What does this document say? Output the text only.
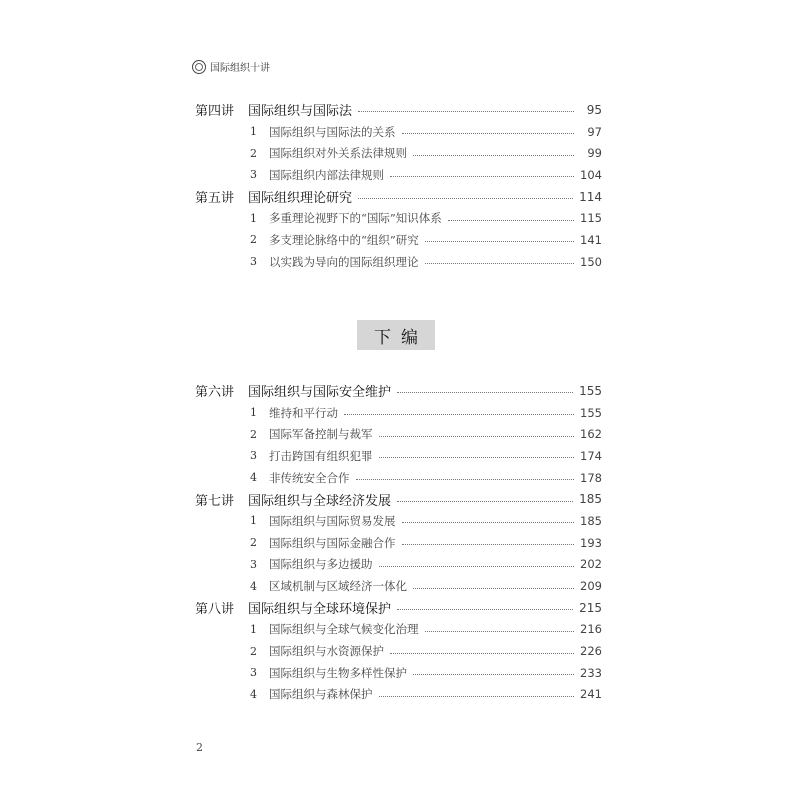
国际组织十讲
第四讲	国际组织与国际法	95
1	国际组织与国际法的关系	97
2	国际组织对外关系法律规则	99
3	国际组织内部法律规则	104
第五讲	国际组织理论研究	114
1	多重理论视野下的“国际”知识体系	115
2	多支理论脉络中的“组织”研究	141
3	以实践为导向的国际组织理论	150
下编
第六讲	国际组织与国际安全维护	155
1	维持和平行动	155
2	国际军备控制与裁军	162
3	打击跨国有组织犯罪	174
4	非传统安全合作	178
第七讲	国际组织与全球经济发展	185
1	国际组织与国际贸易发展	185
2	国际组织与国际金融合作	193
3	国际组织与多边援助	202
4	区域机制与区域经济一体化	209
第八讲	国际组织与全球环境保护	215
1	国际组织与全球气候变化治理	216
2	国际组织与水资源保护	226
3	国际组织与生物多样性保护	233
4	国际组织与森林保护	241
2
